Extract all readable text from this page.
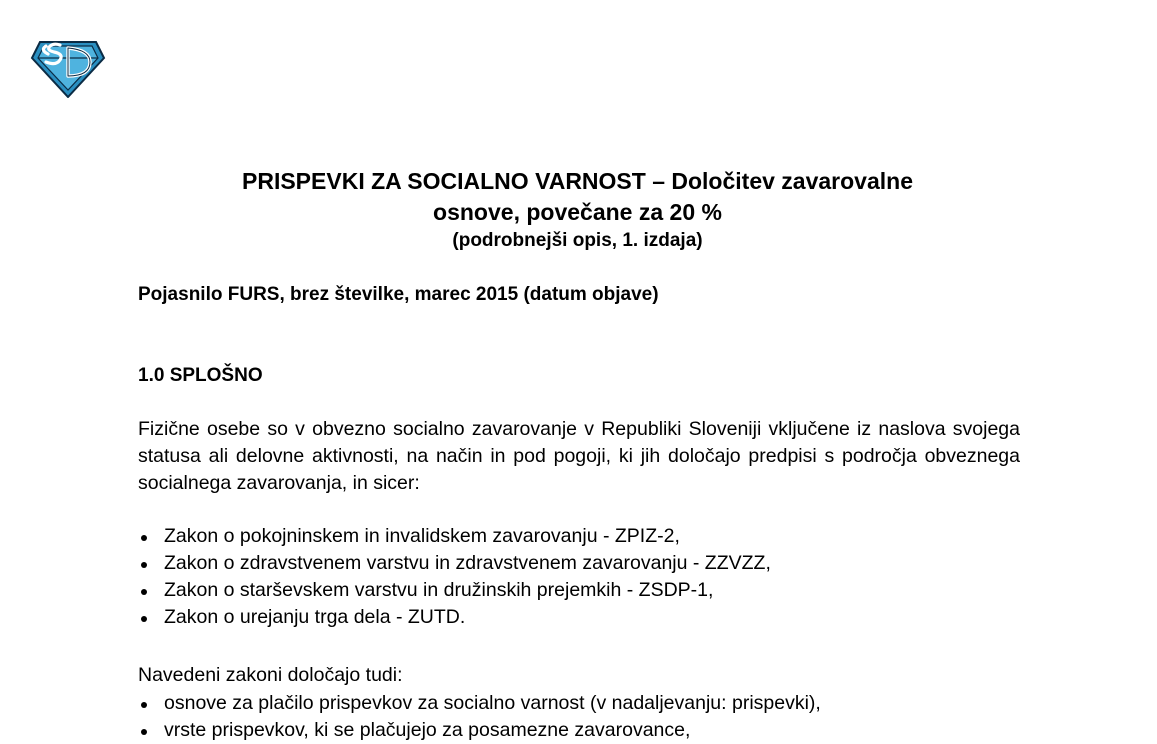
PRISPEVKI ZA SOCIALNO VARNOST – Določitev zavarovalne
osnove, povečane za 20 %
(podrobnejši opis, 1. izdaja)
Pojasnilo FURS, brez številke, marec 2015 (datum objave)
1.0 SPLOŠNO
Fizične osebe so v obvezno socialno zavarovanje v Republiki Sloveniji vključene iz naslova svojega statusa ali delovne aktivnosti, na način in pod pogoji, ki jih določajo predpisi s področja obveznega socialnega zavarovanja, in sicer:
Zakon o pokojninskem in invalidskem zavarovanju - ZPIZ-2,
Zakon o zdravstvenem varstvu in zdravstvenem zavarovanju - ZZVZZ,
Zakon o starševskem varstvu in družinskih prejemkih - ZSDP-1,
Zakon o urejanju trga dela - ZUTD.
Navedeni zakoni določajo tudi:
osnove za plačilo prispevkov za socialno varnost (v nadaljevanju: prispevki),
vrste prispevkov, ki se plačujejo za posamezne zavarovance,
